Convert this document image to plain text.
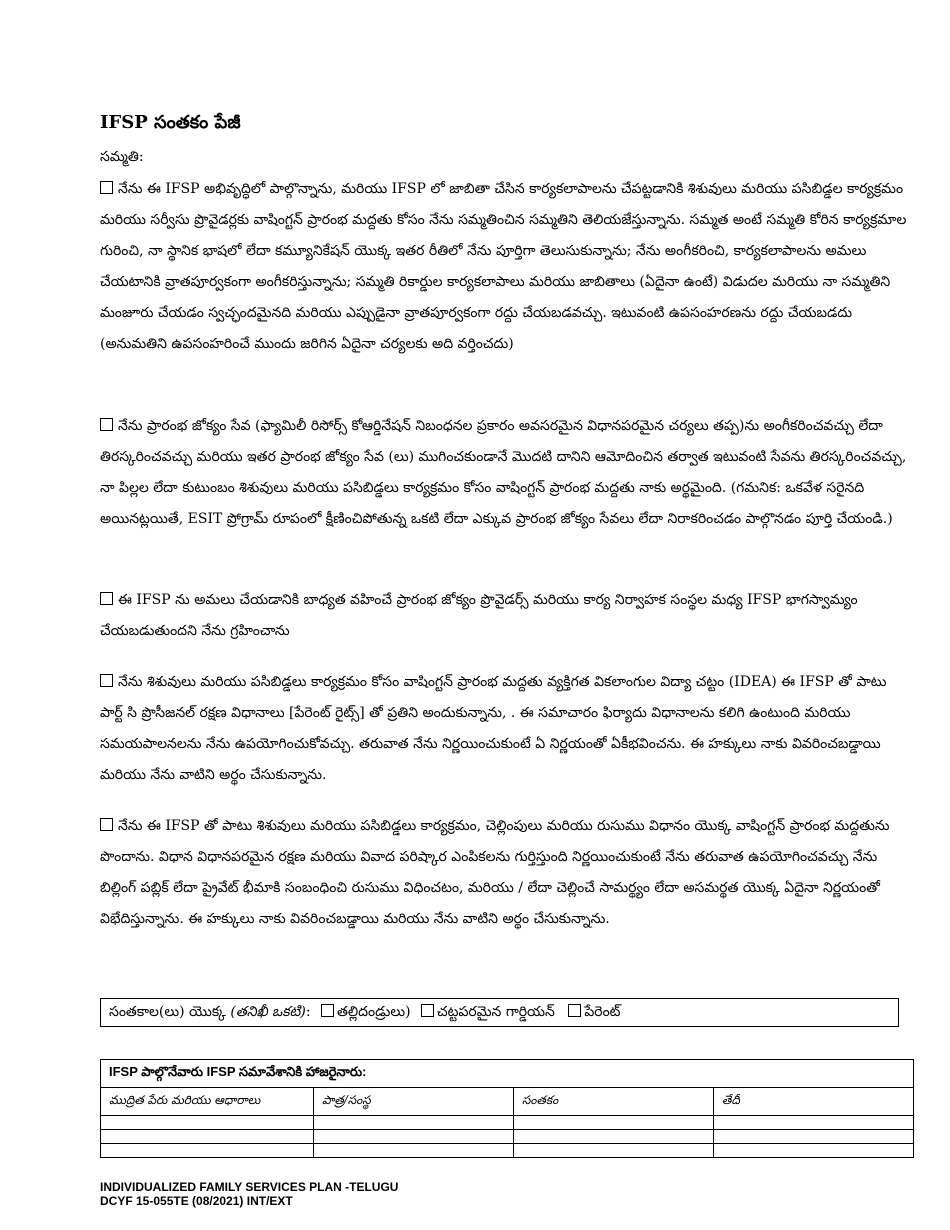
IFSP సంతకం పేజీ
సమ్మతి:

నేను ఈ IFSP అభివృద్ధిలో పాల్గొన్నాను, మరియు IFSP లో జాబితా చేసిన కార్యకలాపాలను చేపట్టడానికి శిశువులు మరియు పసిబిడ్డల కార్యక్రమం మరియు సర్వీసు ప్రొవైడర్లకు వాషింగ్టన్ ప్రారంభ మద్దతు కోసం నేను సమ్మతించిన సమ్మతిని తెలియజేస్తున్నాను. సమ్మత అంటే సమ్మతి కోరిన కార్యక్రమాల గురించి, నా స్థానిక భాషలో లేదా కమ్యూనికేషన్ యొక్క ఇతర రీతిలో నేను పూర్తిగా తెలుసుకున్నాను; నేను అంగీకరించి, కార్యకలాపాలను అమలు చేయటానికి వ్రాతపూర్వకంగా అంగీకరిస్తున్నాను; సమ్మతి రికార్డుల కార్యకలాపాలు మరియు జాబితాలు (ఏదైనా ఉంటే) విడుదల మరియు నా సమ్మతిని మంజూరు చేయడం స్వచ్ఛందమైనది మరియు ఎప్పుడైనా వ్రాతపూర్వకంగా రద్దు చేయబడవచ్చు. ఇటువంటి ఉపసంహరణను రద్దు చేయబడదు (అనుమతిని ఉపసంహరించే ముందు జరిగిన ఏదైనా చర్యలకు అది వర్తించదు)

నేను ప్రారంభ జోక్యం సేవ (ఫ్యామిలీ రిసోర్స్ కోఆర్డినేషన్ నిబంధనల ప్రకారం అవసరమైన విధానపరమైన చర్యలు తప్ప)ను అంగీకరించవచ్చు లేదా తిరస్కరించవచ్చు మరియు ఇతర ప్రారంభ జోక్యం సేవ (లు) ముగించకుండానే మొదటి దానిని ఆమోదించిన తర్వాత ఇటువంటి సేవను తిరస్కరించవచ్చు, నా పిల్లల లేదా కుటుంబం శిశువులు మరియు పసిబిడ్డలు కార్యక్రమం కోసం వాషింగ్టన్ ప్రారంభ మద్దతు నాకు అర్థమైంది. (గమనిక: ఒకవేళ సరైనది అయినట్లయితే, ESIT ప్రోగ్రామ్ రూపంలో క్షీణించిపోతున్న ఒకటి లేదా ఎక్కువ ప్రారంభ జోక్యం సేవలు లేదా నిరాకరించడం పాల్గొనడం పూర్తి చేయండి.)

ఈ IFSP ను అమలు చేయడానికి బాధ్యత వహించే ప్రారంభ జోక్యం ప్రొవైడర్స్ మరియు కార్య నిర్వాహక సంస్థల మధ్య IFSP భాగస్వామ్యం చేయబడుతుందని నేను గ్రహించాను

నేను శిశువులు మరియు పసిబిడ్డలు కార్యక్రమం కోసం వాషింగ్టన్ ప్రారంభ మద్దతు వ్యక్తిగత వికలాంగుల విద్యా చట్టం (IDEA) ఈ IFSP తో పాటు పార్ట్ సి ప్రొసీజనల్ రక్షణ విధానాలు [పేరెంట్ రైట్స్] తో ప్రతిని అందుకున్నాను, . ఈ సమాచారం ఫిర్యాదు విధానాలను కలిగి ఉంటుంది మరియు సమయపాలనలను నేను ఉపయోగించుకోవచ్చు. తరువాత నేను నిర్ణయించుకుంటే ఏ నిర్ణయంతో ఏకీభవించను. ఈ హక్కులు నాకు వివరించబడ్డాయి మరియు నేను వాటిని అర్థం చేసుకున్నాను.

నేను ఈ IFSP తో పాటు శిశువులు మరియు పసిబిడ్డలు కార్యక్రమం, చెల్లింపులు మరియు రుసుము విధానం యొక్క వాషింగ్టన్ ప్రారంభ మద్దతును పొందాను. విధాన విధానపరమైన రక్షణ మరియు వివాద పరిష్కార ఎంపికలను గుర్తిస్తుంది నిర్ణయించుకుంటే నేను తరువాత ఉపయోగించవచ్చు నేను బిల్లింగ్ పబ్లిక్ లేదా ప్రైవేట్ భీమాకి సంబంధించి రుసుము విధించటం, మరియు / లేదా చెల్లించే సామర్థ్యం లేదా అసమర్థత యొక్క ఏదైనా నిర్ణయంతో విభేదిస్తున్నాను. ఈ హక్కులు నాకు వివరించబడ్డాయి మరియు నేను వాటిని అర్థం చేసుకున్నాను.

సంతకాల(లు) యొక్క (తనిఖీ ఒకటి): తల్లిదండ్రులు) చట్టపరమైన గార్డియన్ పేరెంట్
IFSP పాల్గొనేవారు IFSP సమావేశానికి హాజరైనారు:			
ముద్రిత పేరు మరియు ఆధారాలు	పాత్ర/సంస్థ	సంతకం	తేదీ

INDIVIDUALIZED FAMILY SERVICES PLAN -TELUGU
DCYF 15-055TE (08/2021) INT/EXT
